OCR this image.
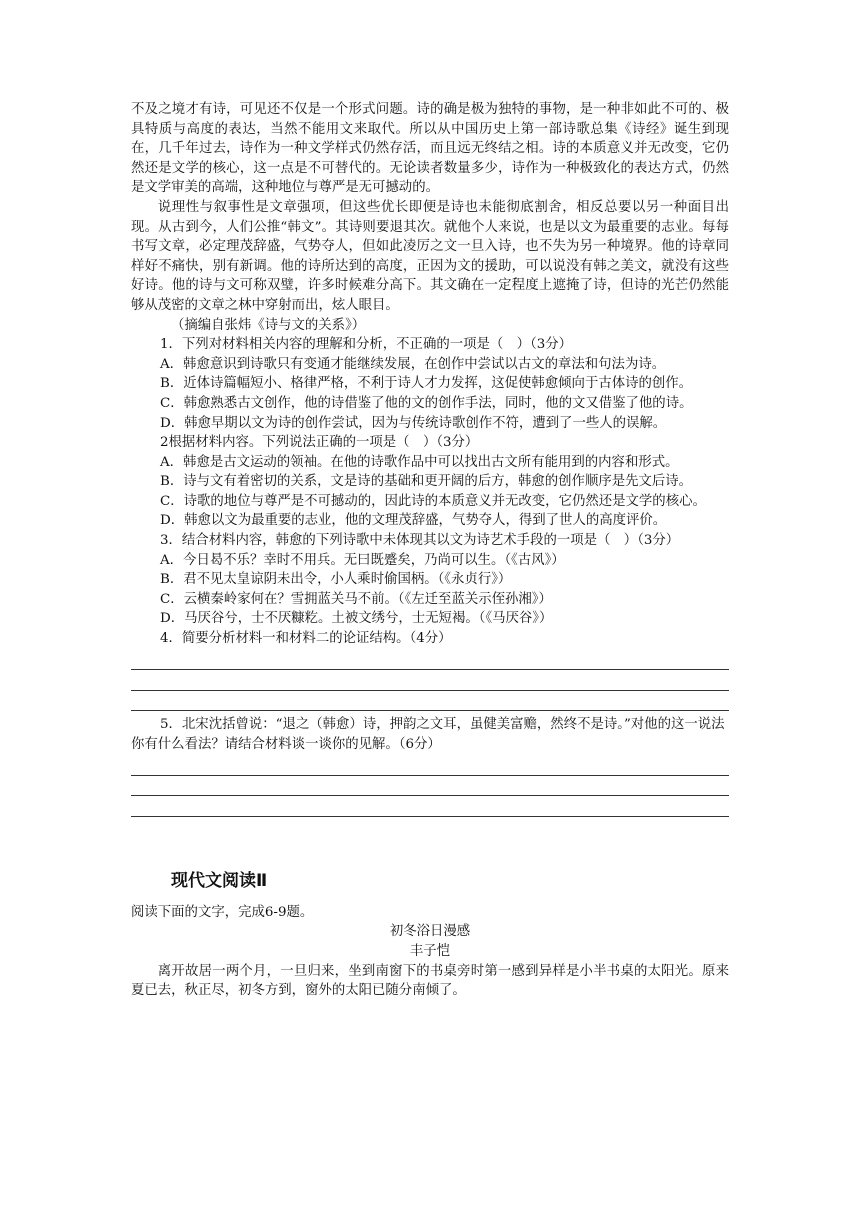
不及之境才有诗，可见还不仅是一个形式问题。诗的确是极为独特的事物，是一种非如此不可的、极具特质与高度的表达，当然不能用文来取代。所以从中国历史上第一部诗歌总集《诗经》诞生到现在，几千年过去，诗作为一种文学样式仍然存活，而且远无终结之相。诗的本质意义并无改变，它仍然还是文学的核心，这一点是不可替代的。无论读者数量多少，诗作为一种极致化的表达方式，仍然是文学审美的高端，这种地位与尊严是无可撼动的。

说理性与叙事性是文章强项，但这些优长即便是诗也未能彻底割舍，相反总要以另一种面目出现。从古到今，人们公推“韩文”。其诗则要退其次。就他个人来说，也是以文为最重要的志业。每每书写文章，必定理茂辞盛，气势夺人，但如此凌厉之文一旦入诗，也不失为另一种境界。他的诗章同样好不痛快，别有新调。他的诗所达到的高度，正因为文的援助，可以说没有韩之美文，就没有这些好诗。他的诗与文可称双璧，许多时候难分高下。其文确在一定程度上遮掩了诗，但诗的光芒仍然能够从茂密的文章之林中穿射而出，炫人眼目。

（摘编自张炜《诗与文的关系》）

1．下列对材料相关内容的理解和分析，不正确的一项是（　）（3分）

A．韩愈意识到诗歌只有变通才能继续发展，在创作中尝试以古文的章法和句法为诗。

B．近体诗篇幅短小、格律严格，不利于诗人才力发挥，这促使韩愈倾向于古体诗的创作。

C．韩愈熟悉古文创作，他的诗借鉴了他的文的创作手法，同时，他的文又借鉴了他的诗。

D．韩愈早期以文为诗的创作尝试，因为与传统诗歌创作不符，遭到了一些人的误解。

2根据材料内容。下列说法正确的一项是（　）（3分）

A．韩愈是古文运动的领袖。在他的诗歌作品中可以找出古文所有能用到的内容和形式。

B．诗与文有着密切的关系，文是诗的基础和更开阔的后方，韩愈的创作顺序是先文后诗。

C．诗歌的地位与尊严是不可撼动的，因此诗的本质意义并无改变，它仍然还是文学的核心。

D．韩愈以文为最重要的志业，他的文理茂辞盛，气势夺人，得到了世人的高度评价。

3．结合材料内容，韩愈的下列诗歌中未体现其以文为诗艺术手段的一项是（　）（3分）

A．今日曷不乐？幸时不用兵。无曰既蹙矣，乃尚可以生。（《古风》）

B．君不见太皇谅阴未出令，小人乘时偷国柄。（《永贞行》）

C．云横秦岭家何在？雪拥蓝关马不前。（《左迁至蓝关示侄孙湘》）

D．马厌谷兮，士不厌糠籺。土被文绣兮，士无短褐。（《马厌谷》）

4．简要分析材料一和材料二的论证结构。（4分）

5．北宋沈括曾说：“退之（韩愈）诗，押韵之文耳，虽健美富赡，然终不是诗。”对他的这一说法你有什么看法？请结合材料谈一谈你的见解。（6分）

现代文阅读Ⅱ

阅读下面的文字，完成6-9题。

初冬浴日漫感

丰子恺

离开故居一两个月，一旦归来，坐到南窗下的书桌旁时第一感到异样是小半书桌的太阳光。原来夏已去，秋正尽，初冬方到，窗外的太阳已随分南倾了。
